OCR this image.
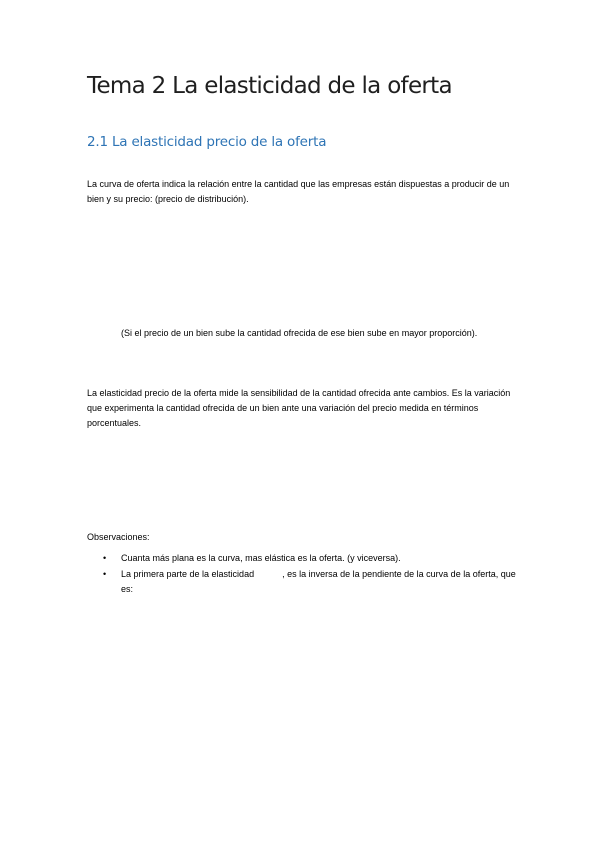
Tema 2 La elasticidad de la oferta
2.1 La elasticidad precio de la oferta

La curva de oferta indica la relación entre la cantidad que las empresas están dispuestas a producir de un bien y su precio: (precio de distribución).

(Si el precio de un bien sube la cantidad ofrecida de ese bien sube en mayor proporción).

La elasticidad precio de la oferta mide la sensibilidad de la cantidad ofrecida ante cambios. Es la variación que experimenta la cantidad ofrecida de un bien ante una variación del precio medida en términos porcentuales.

Observaciones:

• Cuanta más plana es la curva, mas elástica es la oferta. (y viceversa).
• La primera parte de la elasticidad	, es la inversa de la pendiente de la curva de la oferta, que es:
